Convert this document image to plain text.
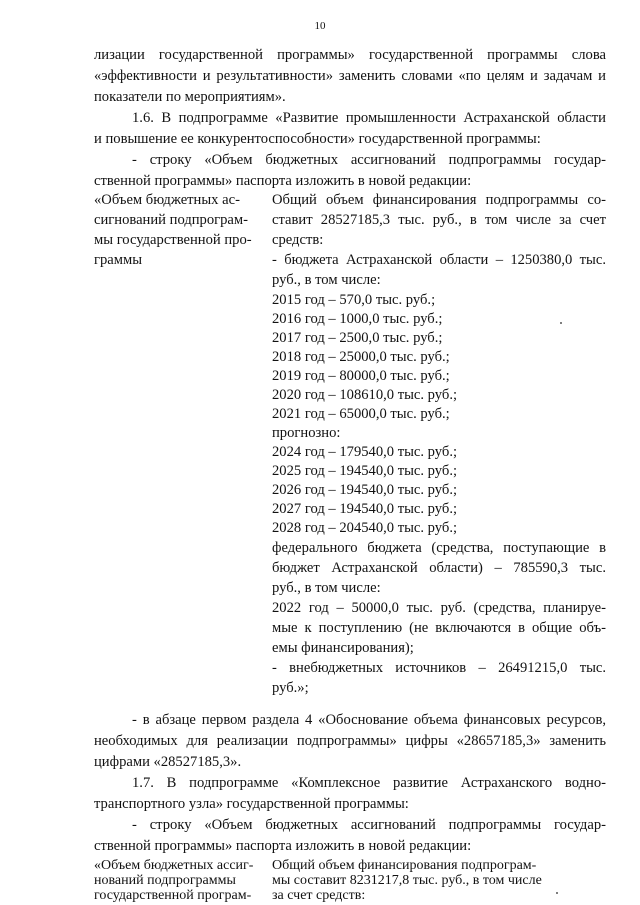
10
лизации государственной программы» государственной программы слова
«эффективности и результативности» заменить словами «по целям и задачам и
показатели по мероприятиям».
1.6. В подпрограмме «Развитие промышленности Астраханской области
и повышение ее конкурентоспособности» государственной программы:
- строку «Объем бюджетных ассигнований подпрограммы государ-
ственной программы» паспорта изложить в новой редакции:
«Объем бюджетных ас-
сигнований подпрограм-
мы государственной про-
граммы
Общий объем финансирования подпрограммы со-
ставит 28527185,3 тыс. руб., в том числе за счет
средств:
- бюджета Астраханской области – 1250380,0 тыс.
руб., в том числе:
2015 год – 570,0 тыс. руб.;
2016 год – 1000,0 тыс. руб.;
2017 год – 2500,0 тыс. руб.;
2018 год – 25000,0 тыс. руб.;
2019 год – 80000,0 тыс. руб.;
2020 год – 108610,0 тыс. руб.;
2021 год – 65000,0 тыс. руб.;
прогнозно:
2024 год – 179540,0 тыс. руб.;
2025 год – 194540,0 тыс. руб.;
2026 год – 194540,0 тыс. руб.;
2027 год – 194540,0 тыс. руб.;
2028 год – 204540,0 тыс. руб.;
федерального бюджета (средства, поступающие в
бюджет Астраханской области) – 785590,3 тыс.
руб., в том числе:
2022 год – 50000,0 тыс. руб. (средства, планируе-
мые к поступлению (не включаются в общие объ-
емы финансирования);
- внебюджетных источников – 26491215,0 тыс.
руб.»;
- в абзаце первом раздела 4 «Обоснование объема финансовых ресурсов,
необходимых для реализации подпрограммы» цифры «28657185,3» заменить
цифрами «28527185,3».
1.7. В подпрограмме «Комплексное развитие Астраханского водно-
транспортного узла» государственной программы:
- строку «Объем бюджетных ассигнований подпрограммы государ-
ственной программы» паспорта изложить в новой редакции:
«Объем бюджетных ассиг-
нований подпрограммы
государственной програм-
Общий объем финансирования подпрограм-
мы составит 8231217,8 тыс. руб., в том числе
за счет средств:
